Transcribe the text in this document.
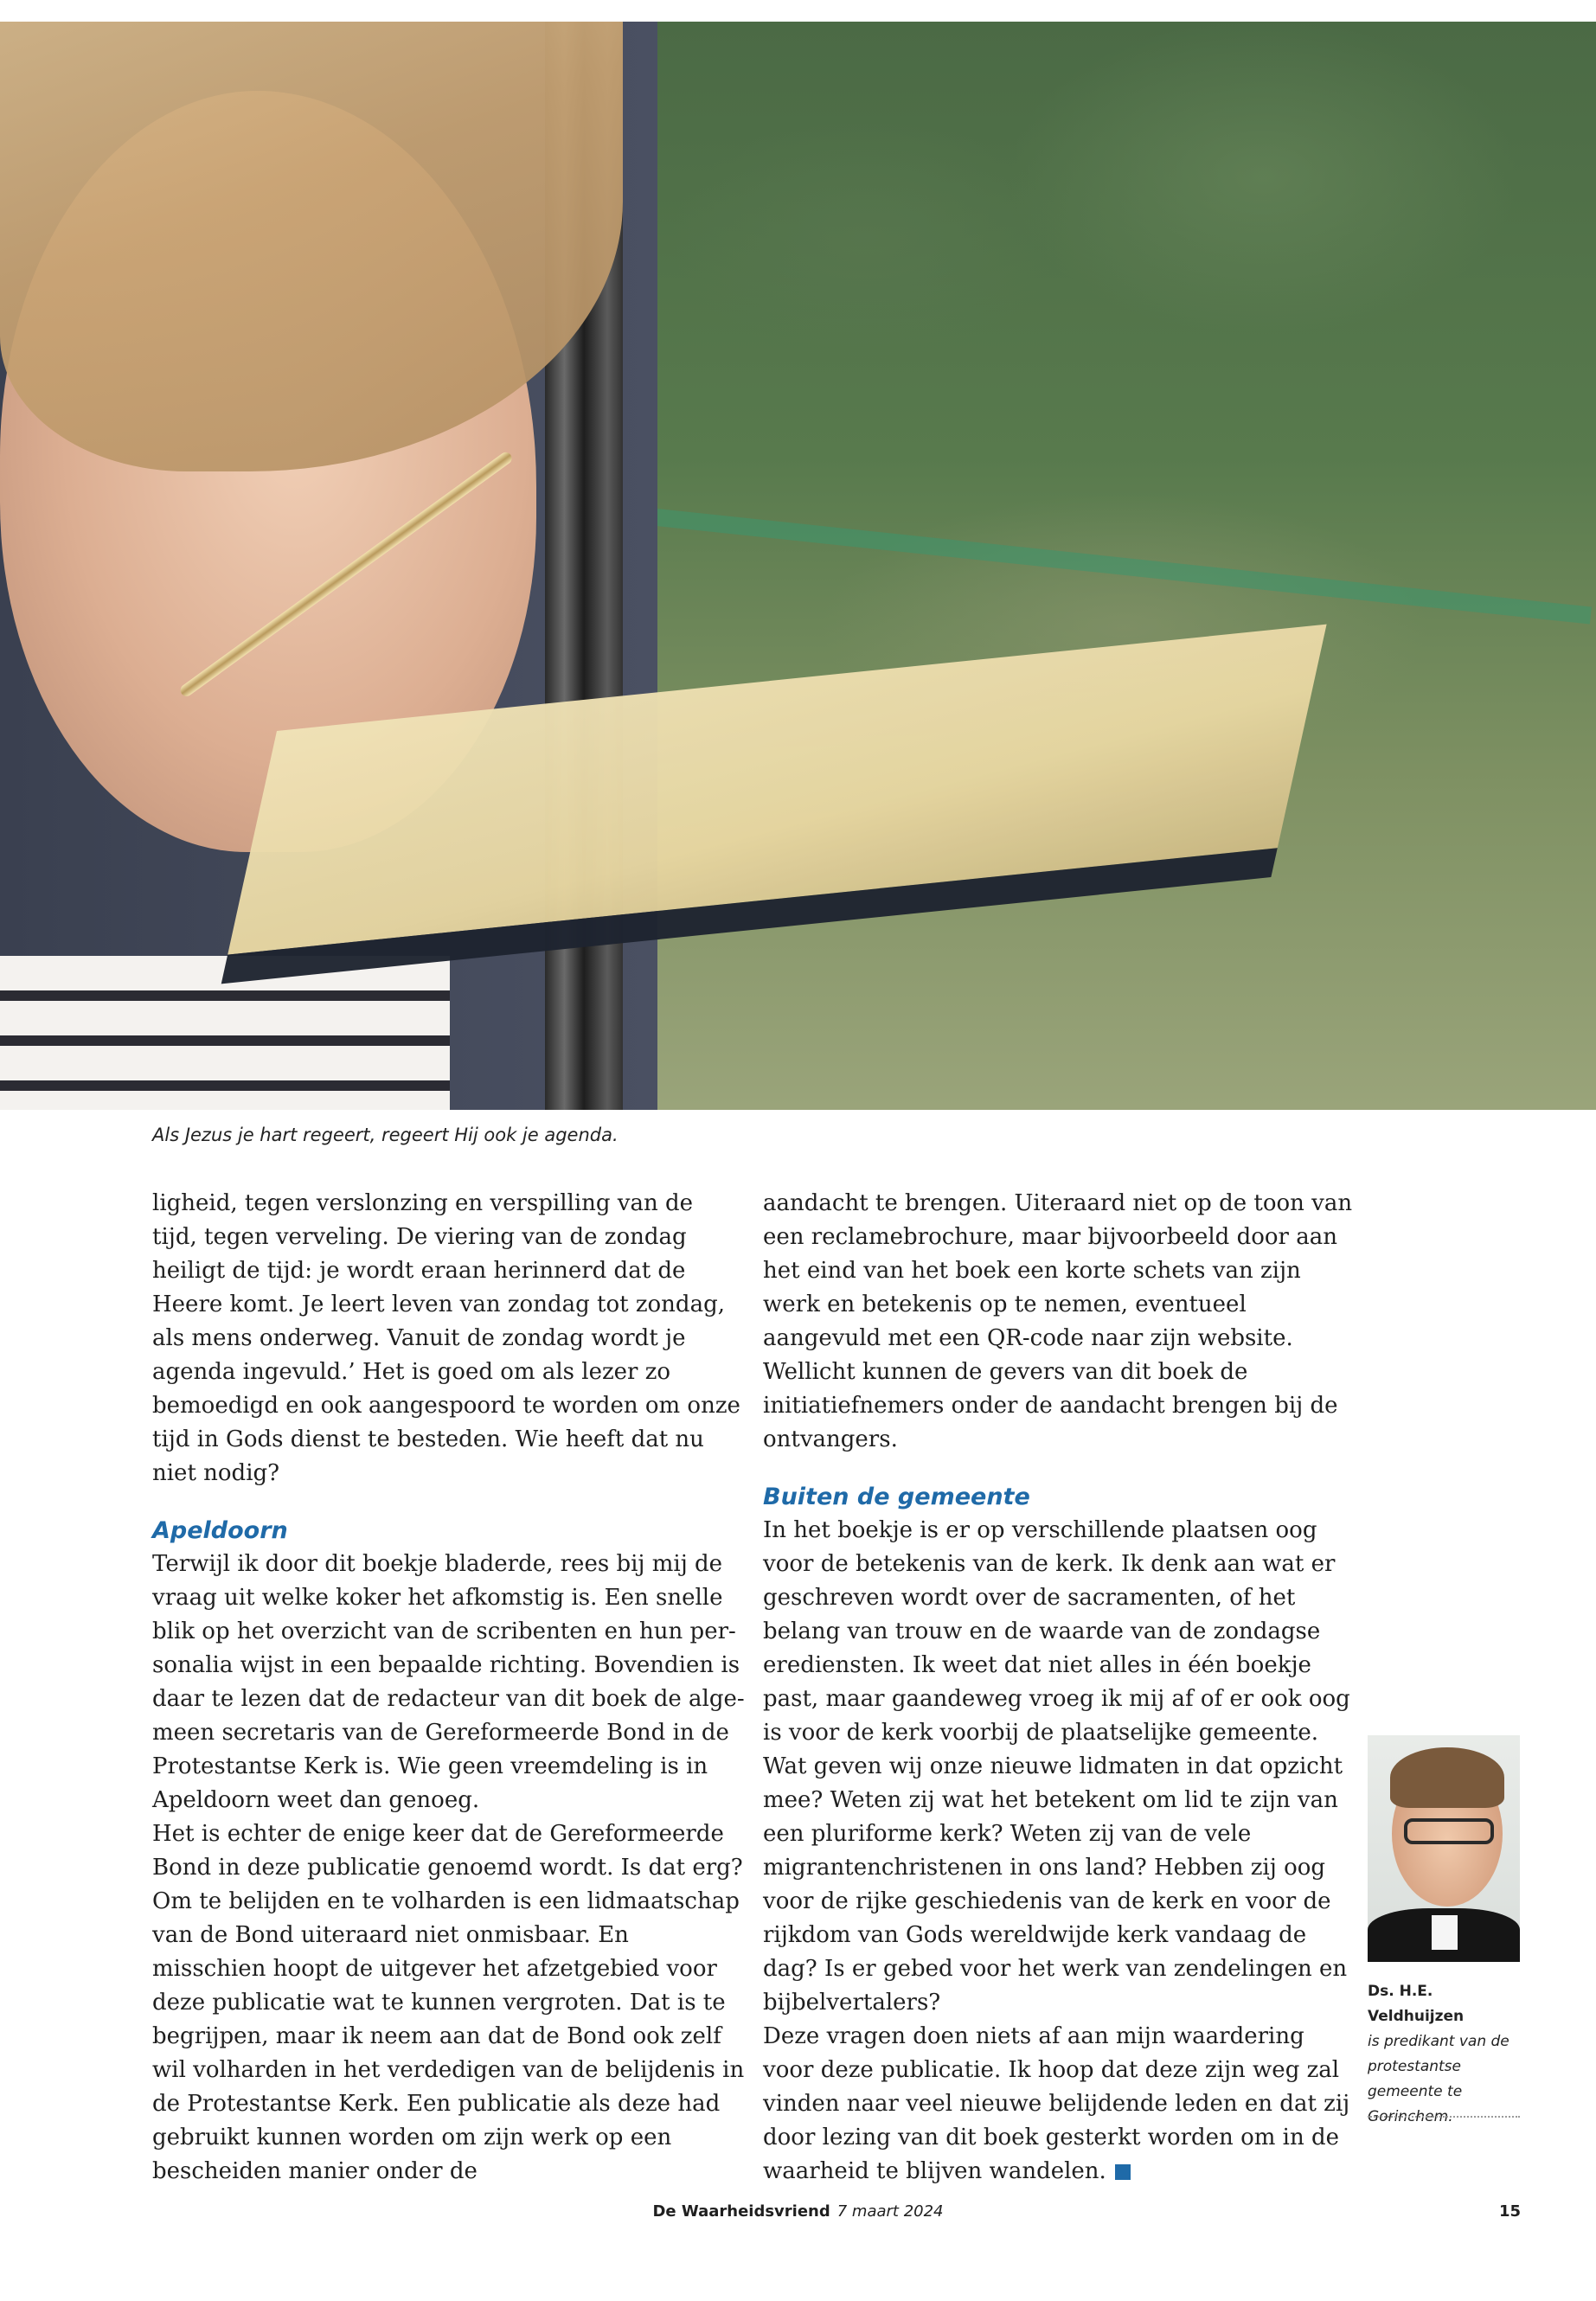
Als Jezus je hart regeert, regeert Hij ook je agenda.

ligheid, tegen verslonzing en verspilling van de tijd, tegen verveling. De viering van de zondag heiligt de tijd: je wordt eraan herinnerd dat de Heere komt. Je leert leven van zondag tot zondag, als mens onderweg. Vanuit de zondag wordt je agenda ingevuld.’ Het is goed om als lezer zo bemoedigd en ook aangespoord te worden om onze tijd in Gods dienst te besteden. Wie heeft dat nu niet nodig?

Apeldoorn

Terwijl ik door dit boekje bladerde, rees bij mij de vraag uit welke koker het afkomstig is. Een snelle blik op het overzicht van de scribenten en hun personalia wijst in een bepaalde richting. Bovendien is daar te lezen dat de redacteur van dit boek de algemeen secretaris van de Gereformeerde Bond in de Protestantse Kerk is. Wie geen vreemdeling is in Apeldoorn weet dan genoeg.

Het is echter de enige keer dat de Gereformeerde Bond in deze publicatie genoemd wordt. Is dat erg? Om te belijden en te volharden is een lidmaatschap van de Bond uiteraard niet onmisbaar. En misschien hoopt de uitgever het afzetgebied voor deze publicatie wat te kunnen vergroten. Dat is te begrijpen, maar ik neem aan dat de Bond ook zelf wil volharden in het verdedigen van de belijdenis in de Protestantse Kerk. Een publicatie als deze had gebruikt kunnen worden om zijn werk op een bescheiden manier onder de

aandacht te brengen. Uiteraard niet op de toon van een reclamebrochure, maar bijvoorbeeld door aan het eind van het boek een korte schets van zijn werk en betekenis op te nemen, eventueel aangevuld met een QR-code naar zijn website. Wellicht kunnen de gevers van dit boek de initiatiefnemers onder de aandacht brengen bij de ontvangers.

Buiten de gemeente

In het boekje is er op verschillende plaatsen oog voor de betekenis van de kerk. Ik denk aan wat er geschreven wordt over de sacramenten, of het belang van trouw en de waarde van de zondagse erediensten. Ik weet dat niet alles in één boekje past, maar gaandeweg vroeg ik mij af of er ook oog is voor de kerk voorbij de plaatselijke gemeente. Wat geven wij onze nieuwe lidmaten in dat opzicht mee? Weten zij wat het betekent om lid te zijn van een pluriforme kerk? Weten zij van de vele migrantenchristenen in ons land? Hebben zij oog voor de rijke geschiedenis van de kerk en voor de rijkdom van Gods wereldwijde kerk vandaag de dag? Is er gebed voor het werk van zendelingen en bijbelvertalers?

Deze vragen doen niets af aan mijn waardering voor deze publicatie. Ik hoop dat deze zijn weg zal vinden naar veel nieuwe belijdende leden en dat zij door lezing van dit boek gesterkt worden om in de waarheid te blijven wandelen.

Ds. H.E. Veldhuijzen
is predikant van de protestantse gemeente te Gorinchem.
De Waarheidsvriend 7 maart 2024	15
